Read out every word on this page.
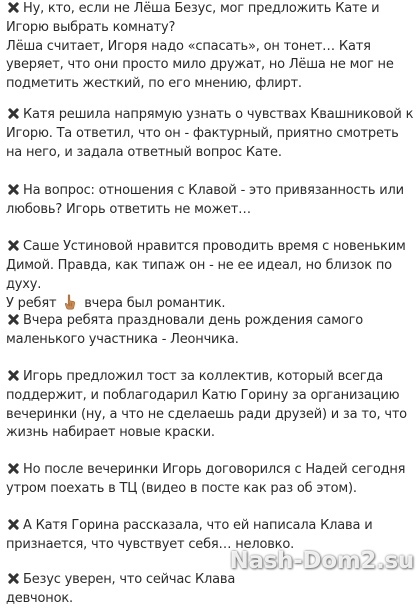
Ну, кто, если не Лёша Безус, мог предложить Кате и Игорю выбрать комнату?
Лёша считает, Игоря надо «спасать», он тонет… Катя уверяет, что они просто мило дружат, но Лёша не мог не подметить жесткий, по его мнению, флирт.
Катя решила напрямую узнать о чувствах Квашниковой к Игорю. Та ответил, что он - фактурный, приятно смотреть на него, и задала ответный вопрос Кате.
На вопрос: отношения с Клавой - это привязанность или любовь? Игорь ответить не может…
Саше Устиновой нравится проводить время с новеньким Димой. Правда, как типаж он - не ее идеал, но близок по духу.
У ребят вчера был романтик.
Вчера ребята праздновали день рождения самого маленького участника - Леончика.
Игорь предложил тост за коллектив, который всегда поддержит, и поблагодарил Катю Горину за организацию вечеринки (ну, а что не сделаешь ради друзей) и за то, что жизнь набирает новые краски.
Но после вечеринки Игорь договорился с Надей сегодня утром поехать в ТЦ (видео в посте как раз об этом).
А Катя Горина рассказала, что ей написала Клава и признается, что чувствует себя… неловко.
Безус уверен, что сейчас Клава
девчонок.
Nash-Dom2.su
